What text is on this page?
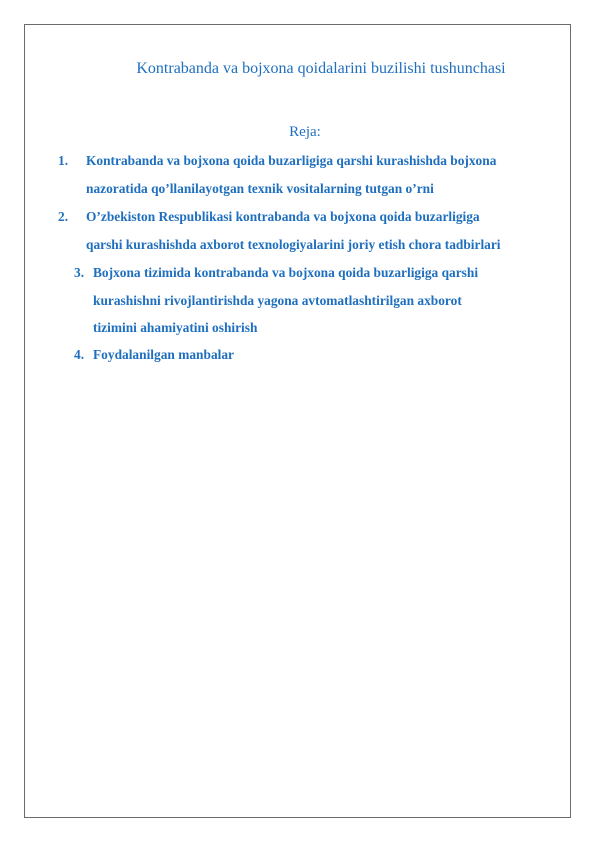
Kontrabanda va bojxona qoidalarini buzilishi tushunchasi
Reja:
1. Kontrabanda va bojxona qoida buzarligiga qarshi kurashishda bojxona
nazoratida qo’llanilayotgan texnik vositalarning tutgan o’rni
2. O’zbekiston Respublikasi kontrabanda va bojxona qoida buzarligiga
qarshi kurashishda axborot texnologiyalarini joriy etish chora tadbirlari
3. Bojxona tizimida kontrabanda va bojxona qoida buzarligiga qarshi
kurashishni rivojlantirishda yagona avtomatlashtirilgan axborot
tizimini ahamiyatini oshirish
4. Foydalanilgan manbalar
